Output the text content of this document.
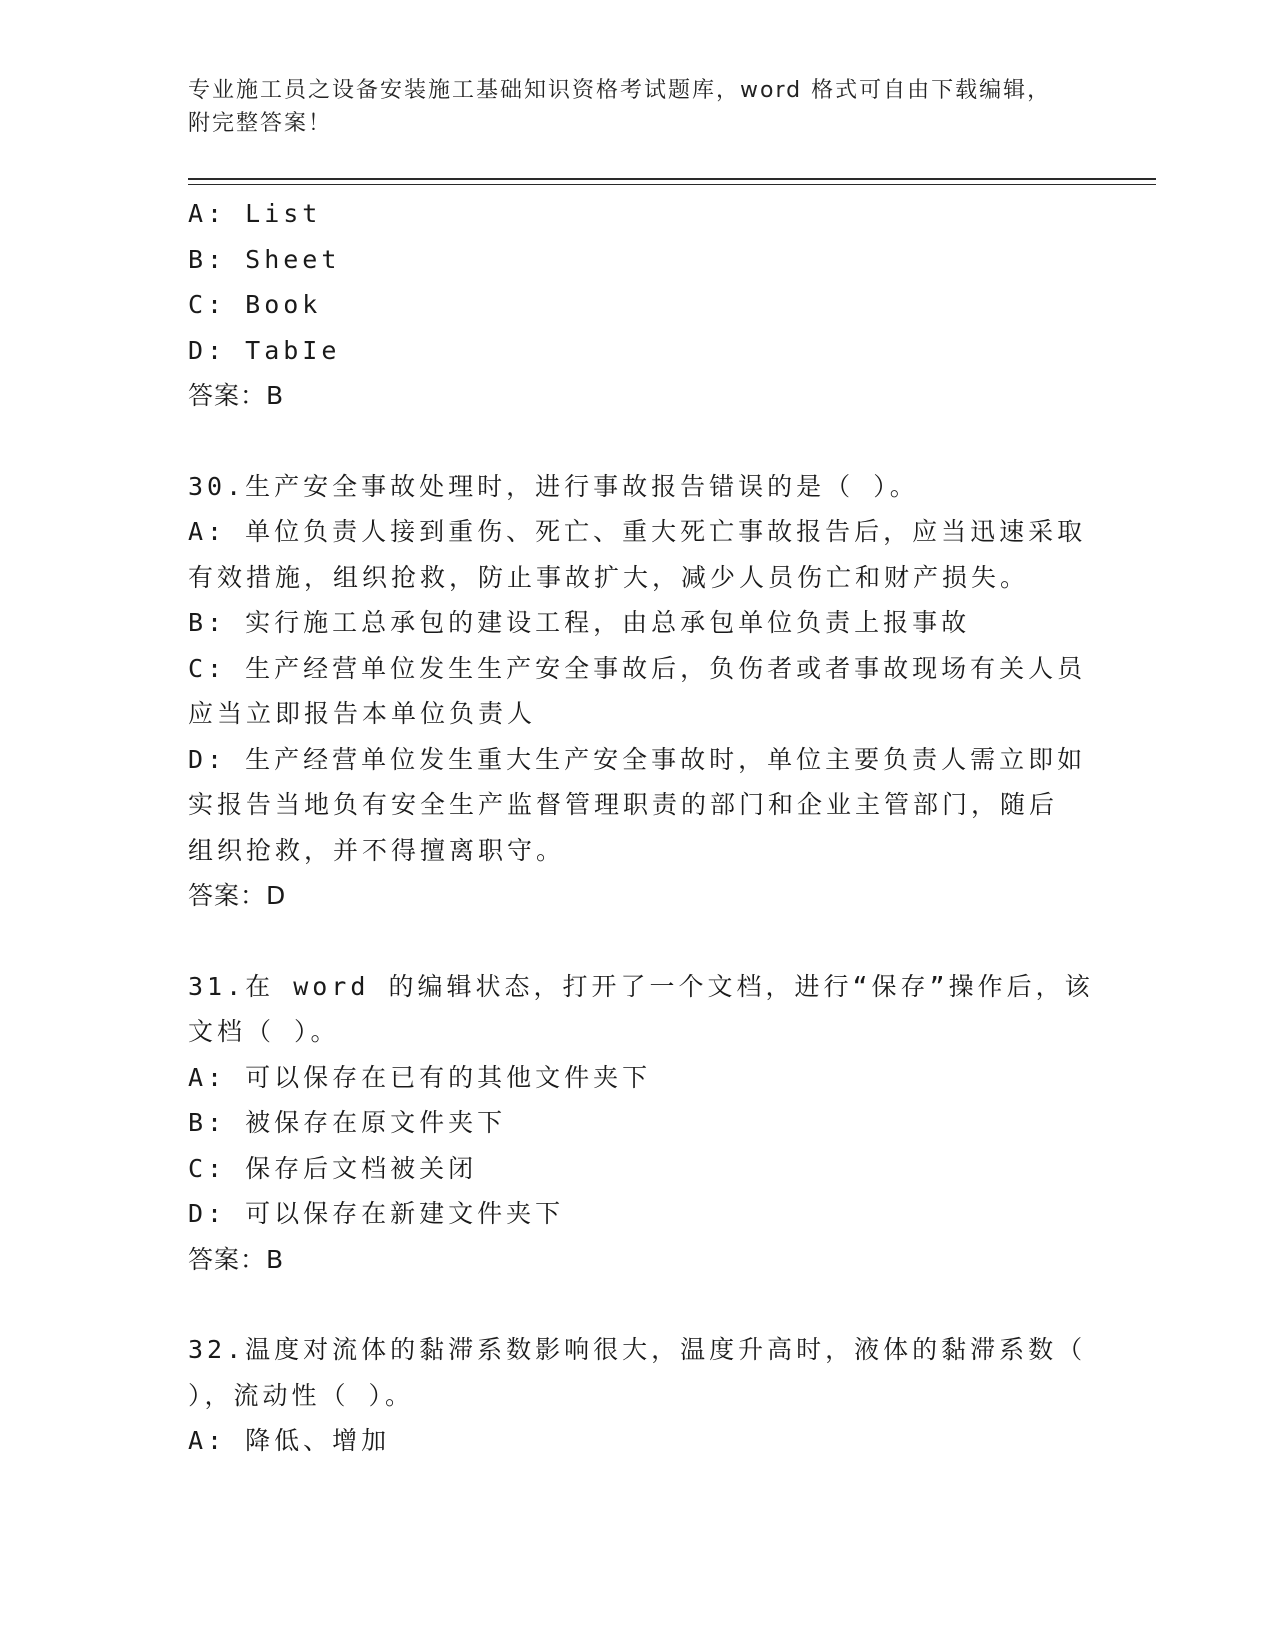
专业施工员之设备安装施工基础知识资格考试题库，word 格式可自由下载编辑，
附完整答案！
A: List
B: Sheet
C: Book
D: TabIe
答案：B
30.生产安全事故处理时，进行事故报告错误的是（ ）。
A: 单位负责人接到重伤、死亡、重大死亡事故报告后，应当迅速采取
有效措施，组织抢救，防止事故扩大，减少人员伤亡和财产损失。
B: 实行施工总承包的建设工程，由总承包单位负责上报事故
C: 生产经营单位发生生产安全事故后，负伤者或者事故现场有关人员
应当立即报告本单位负责人
D: 生产经营单位发生重大生产安全事故时，单位主要负责人需立即如
实报告当地负有安全生产监督管理职责的部门和企业主管部门，随后
组织抢救，并不得擅离职守。
答案：D
31.在 word 的编辑状态，打开了一个文档，进行“保存”操作后，该
文档（ ）。
A: 可以保存在已有的其他文件夹下
B: 被保存在原文件夹下
C: 保存后文档被关闭
D: 可以保存在新建文件夹下
答案：B
32.温度对流体的黏滞系数影响很大，温度升高时，液体的黏滞系数（
），流动性（ ）。
A: 降低、增加
